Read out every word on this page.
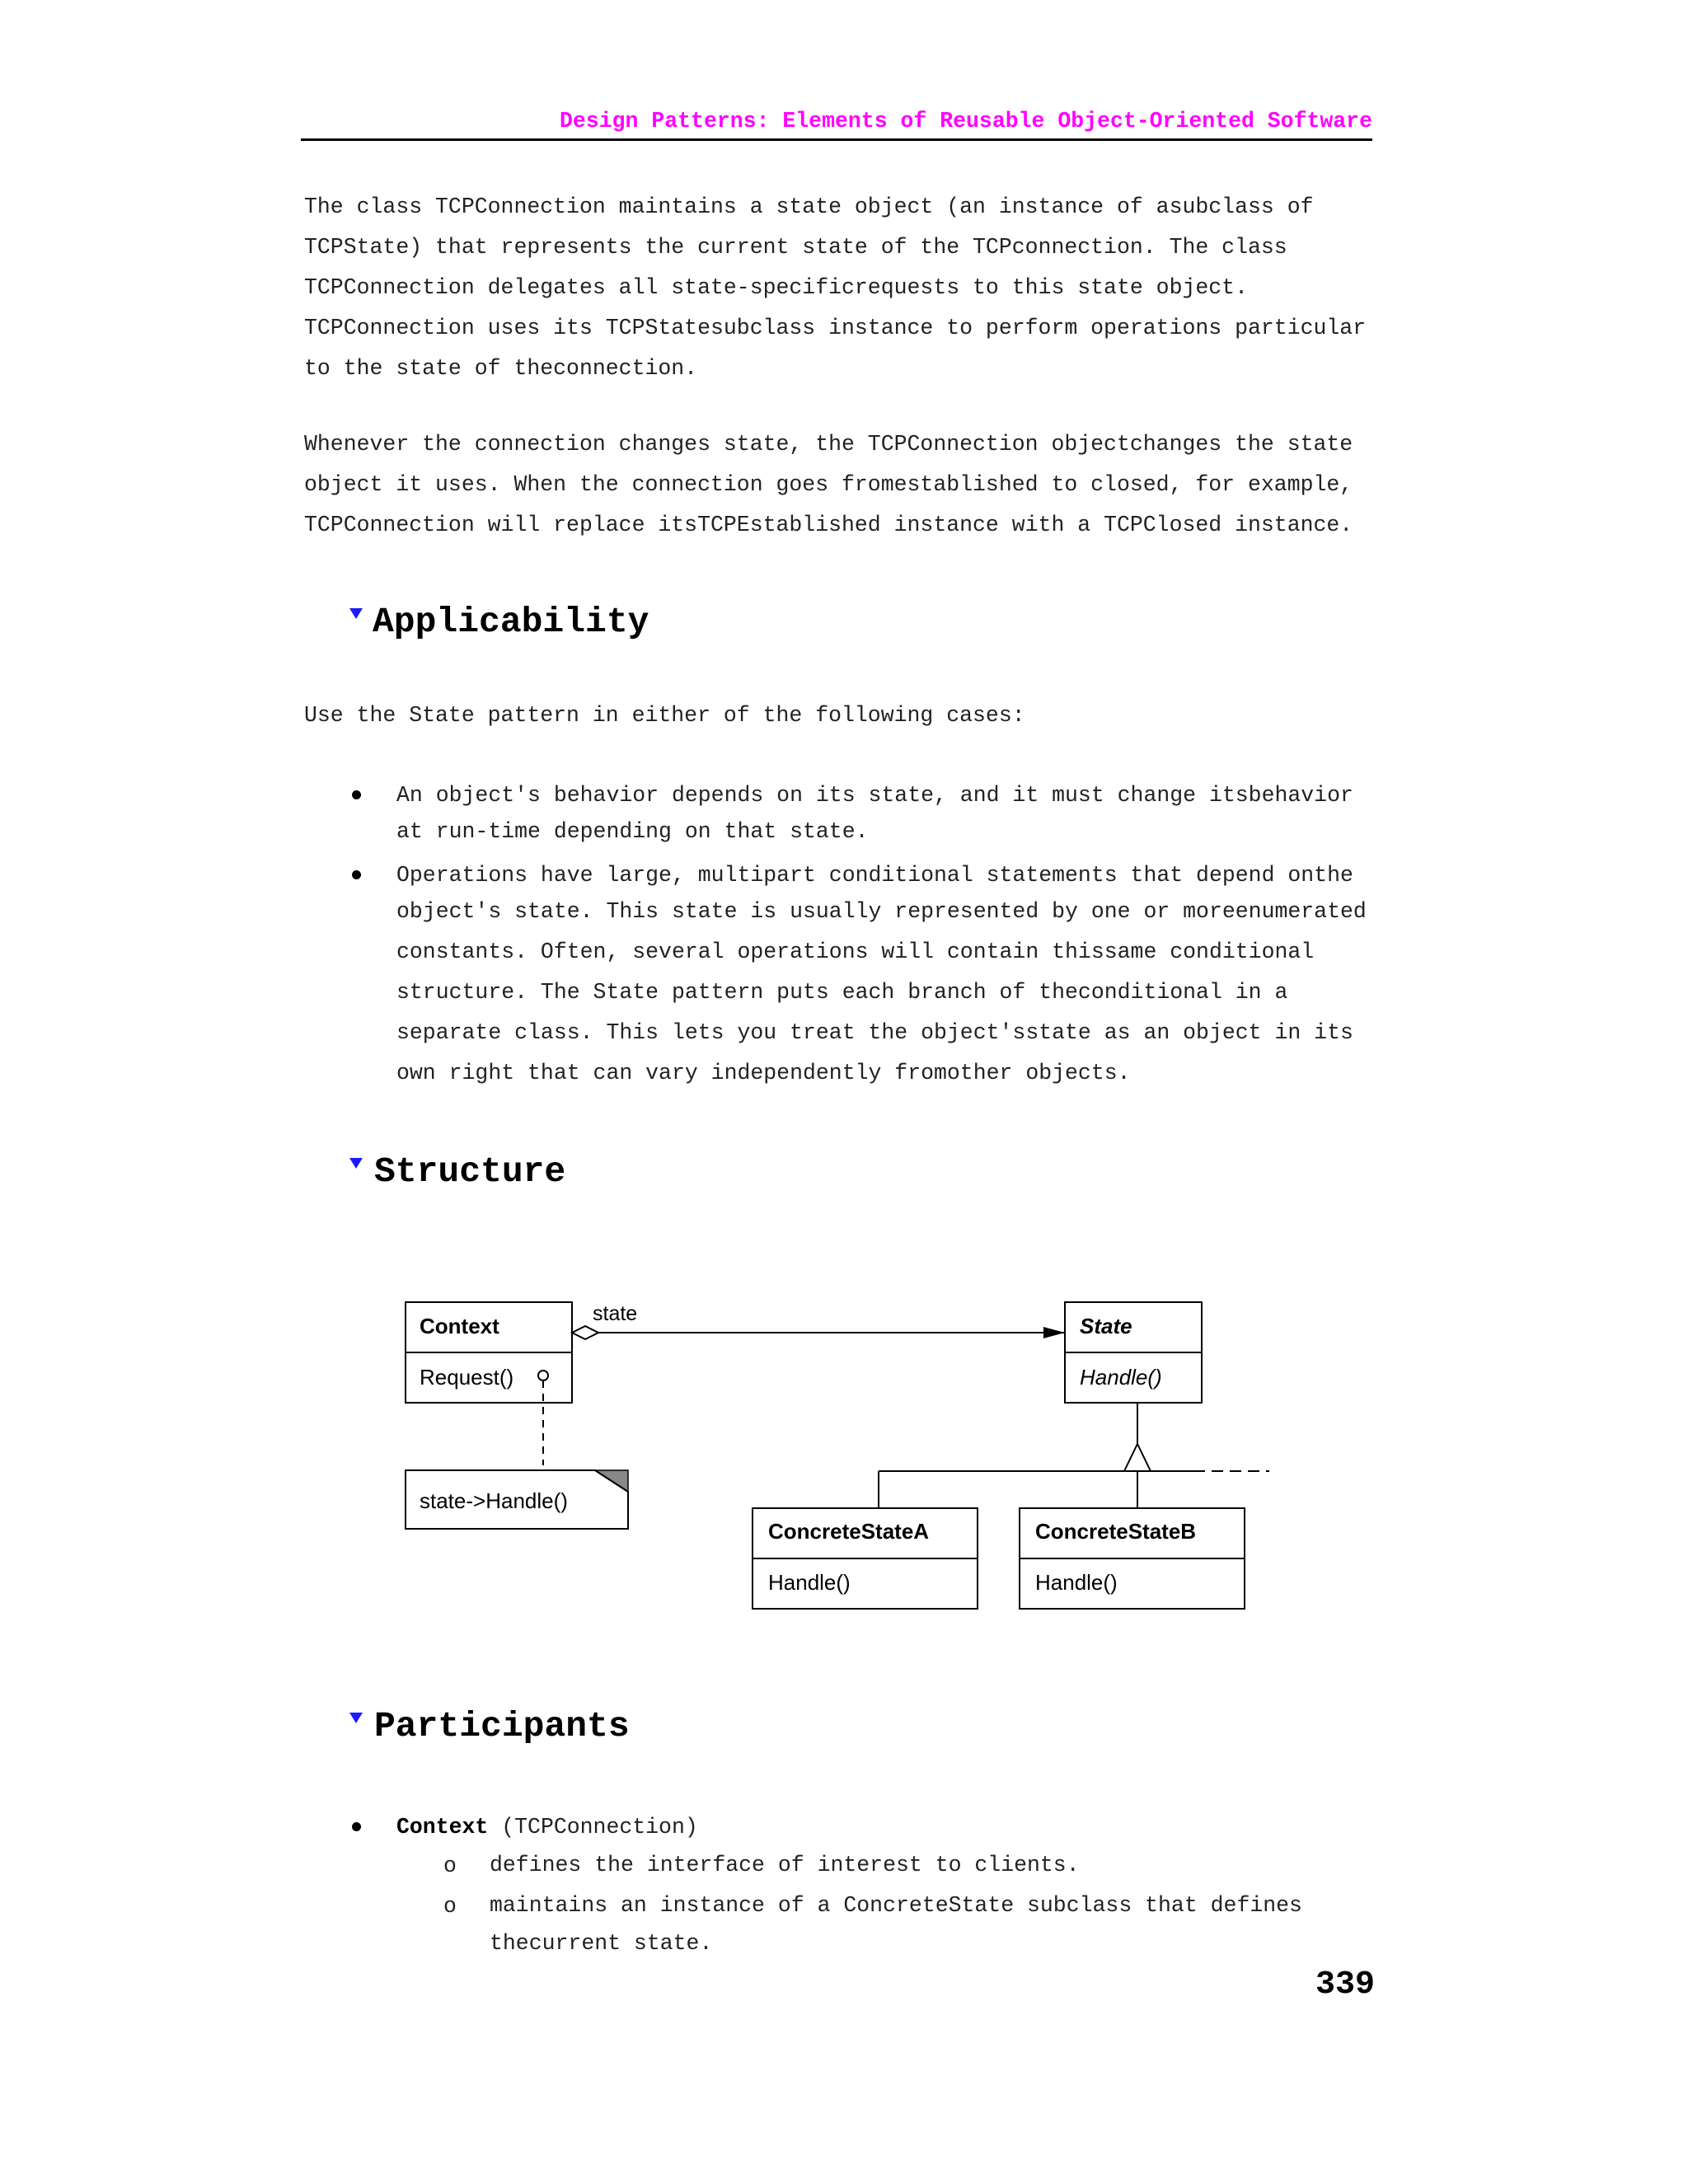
Design Patterns: Elements of Reusable Object-Oriented Software
The class TCPConnection maintains a state object (an instance of asubclass of
TCPState) that represents the current state of the TCPconnection. The class
TCPConnection delegates all state-specificrequests to this state object.
TCPConnection uses its TCPStatesubclass instance to perform operations particular
to the state of theconnection.
Whenever the connection changes state, the TCPConnection objectchanges the state
object it uses. When the connection goes fromestablished to closed, for example,
TCPConnection will replace itsTCPEstablished instance with a TCPClosed instance.
Applicability
Use the State pattern in either of the following cases:
An object's behavior depends on its state, and it must change itsbehavior
at run-time depending on that state.
Operations have large, multipart conditional statements that depend onthe
object's state. This state is usually represented by one or moreenumerated
constants. Often, several operations will contain thissame conditional
structure. The State pattern puts each branch of theconditional in a
separate class. This lets you treat the object'sstate as an object in its
own right that can vary independently fromother objects.
Structure
Context
Request()
state->Handle()
state	State
Handle()
ConcreteStateA
Handle()
ConcreteStateB
Handle()
Participants
Context (TCPConnection)
o defines the interface of interest to clients.
o maintains an instance of a ConcreteState subclass that defines
thecurrent state.
339
